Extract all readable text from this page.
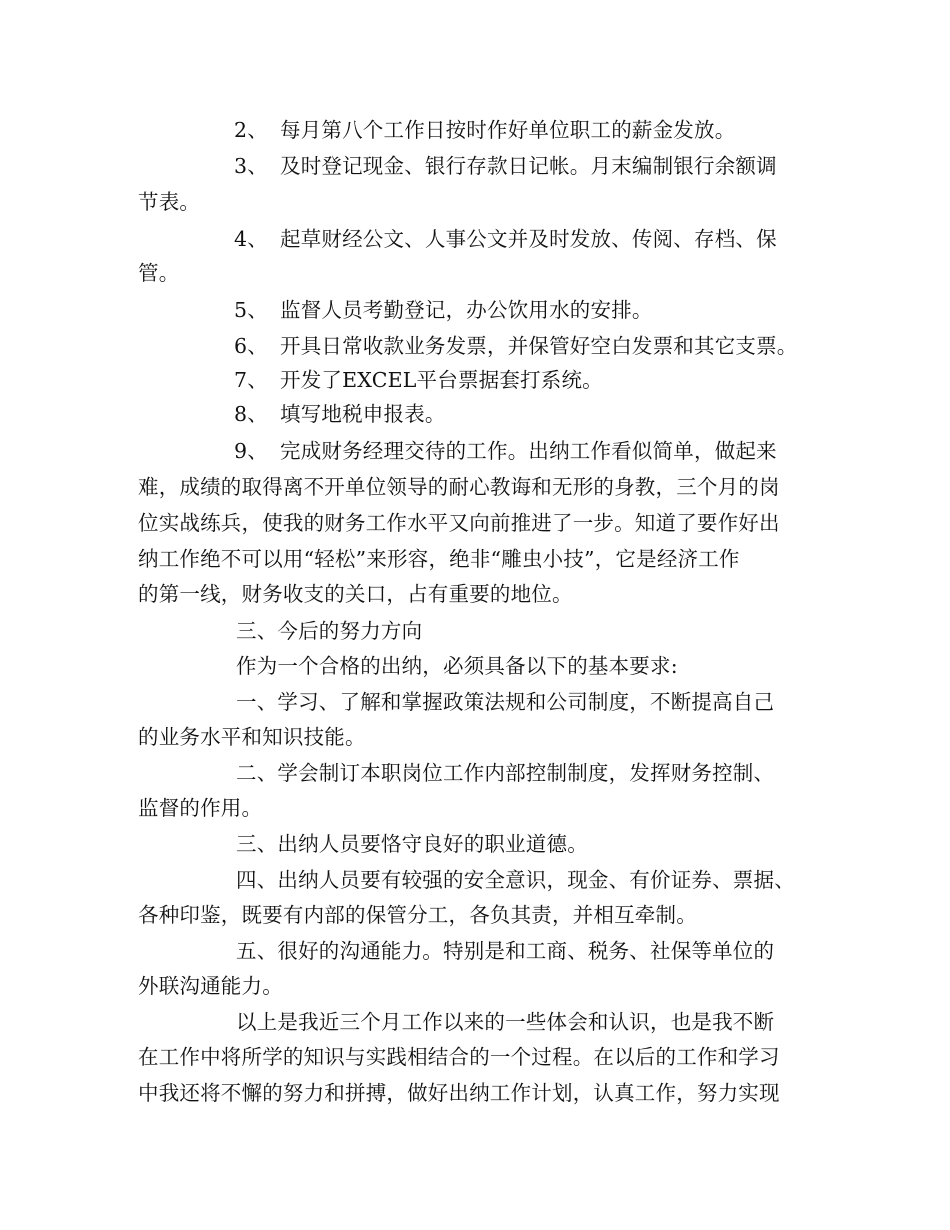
2、 每月第八个工作日按时作好单位职工的薪金发放。
3、 及时登记现金、银行存款日记帐。月末编制银行余额调
节表。
4、 起草财经公文、人事公文并及时发放、传阅、存档、保
管。
5、 监督人员考勤登记，办公饮用水的安排。
6、 开具日常收款业务发票，并保管好空白发票和其它支票。
7、 开发了EXCEL平台票据套打系统。
8、 填写地税申报表。
9、 完成财务经理交待的工作。出纳工作看似简单，做起来
难，成绩的取得离不开单位领导的耐心教诲和无形的身教，三个月的岗
位实战练兵，使我的财务工作水平又向前推进了一步。知道了要作好出
纳工作绝不可以用“轻松”来形容，绝非“雕虫小技”，它是经济工作
的第一线，财务收支的关口，占有重要的地位。
三、今后的努力方向
作为一个合格的出纳，必须具备以下的基本要求:
一、学习、了解和掌握政策法规和公司制度，不断提高自己
的业务水平和知识技能。
二、学会制订本职岗位工作内部控制制度，发挥财务控制、
监督的作用。
三、出纳人员要恪守良好的职业道德。
四、出纳人员要有较强的安全意识，现金、有价证券、票据、
各种印鉴，既要有内部的保管分工，各负其责，并相互牵制。
五、很好的沟通能力。特别是和工商、税务、社保等单位的
外联沟通能力。
以上是我近三个月工作以来的一些体会和认识，也是我不断
在工作中将所学的知识与实践相结合的一个过程。在以后的工作和学习
中我还将不懈的努力和拼搏，做好出纳工作计划，认真工作，努力实现
